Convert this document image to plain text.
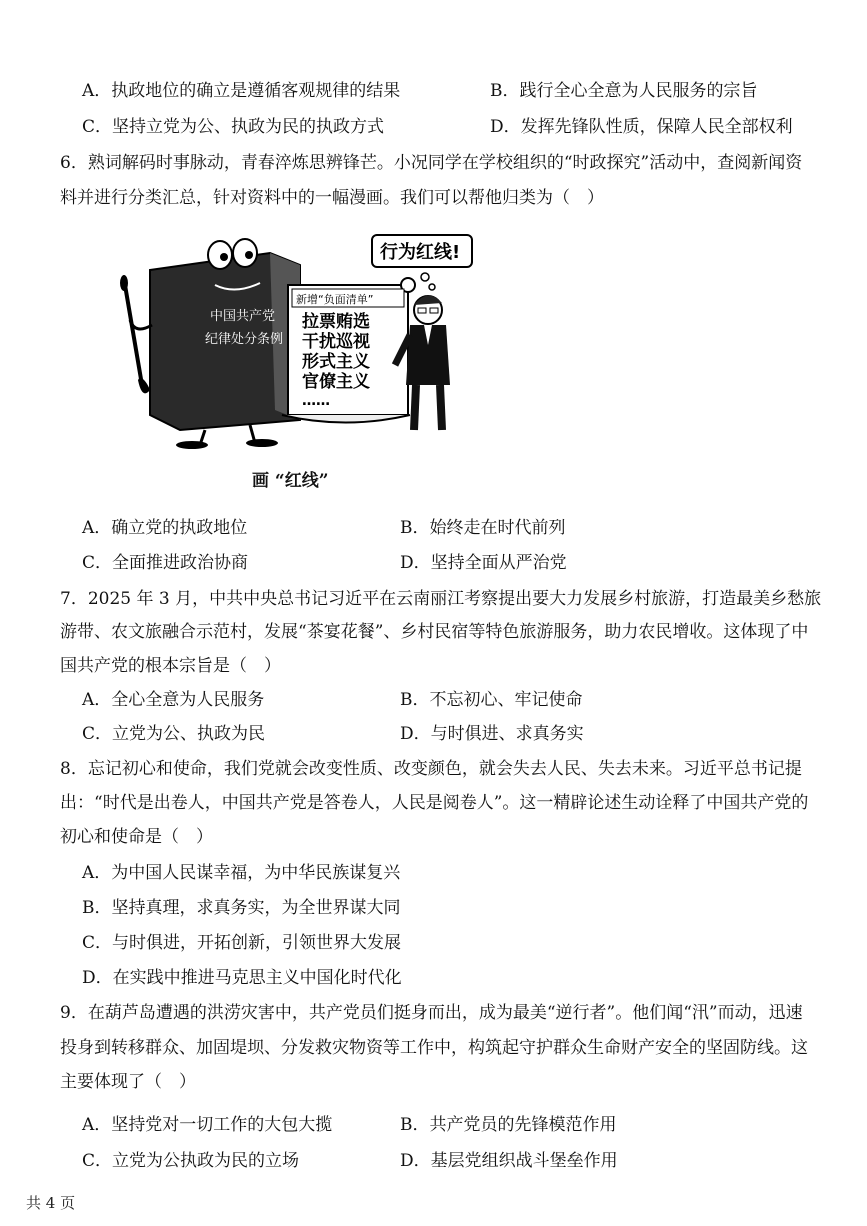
A．执政地位的确立是遵循客观规律的结果	B．践行全心全意为人民服务的宗旨
C．坚持立党为公、执政为民的执政方式	D．发挥先锋队性质，保障人民全部权利
6．熟词解码时事脉动，青春淬炼思辨锋芒。小况同学在学校组织的“时政探究”活动中，查阅新闻资
料并进行分类汇总，针对资料中的一幅漫画。我们可以帮他归类为（　）
中国共产党
纪律处分条例
新增“负面清单”
拉票贿选
干扰巡视
形式主义
官僚主义
……
行为红线!
画 “红线”
A．确立党的执政地位	B．始终走在时代前列
C．全面推进政治协商	D．坚持全面从严治党
7．2025 年 3 月，中共中央总书记习近平在云南丽江考察提出要大力发展乡村旅游，打造最美乡愁旅
游带、农文旅融合示范村，发展“茶宴花餐”、乡村民宿等特色旅游服务，助力农民增收。这体现了中
国共产党的根本宗旨是（　）
A．全心全意为人民服务	B．不忘初心、牢记使命
C．立党为公、执政为民	D．与时俱进、求真务实
8．忘记初心和使命，我们党就会改变性质、改变颜色，就会失去人民、失去未来。习近平总书记提
出：“时代是出卷人，中国共产党是答卷人，人民是阅卷人”。这一精辟论述生动诠释了中国共产党的
初心和使命是（　）
A．为中国人民谋幸福，为中华民族谋复兴
B．坚持真理，求真务实，为全世界谋大同
C．与时俱进，开拓创新，引领世界大发展
D．在实践中推进马克思主义中国化时代化
9．在葫芦岛遭遇的洪涝灾害中，共产党员们挺身而出，成为最美“逆行者”。他们闻“汛”而动，迅速
投身到转移群众、加固堤坝、分发救灾物资等工作中，构筑起守护群众生命财产安全的坚固防线。这
主要体现了（　）
A．坚持党对一切工作的大包大揽	B．共产党员的先锋模范作用
C．立党为公执政为民的立场	D．基层党组织战斗堡垒作用
共 4 页
